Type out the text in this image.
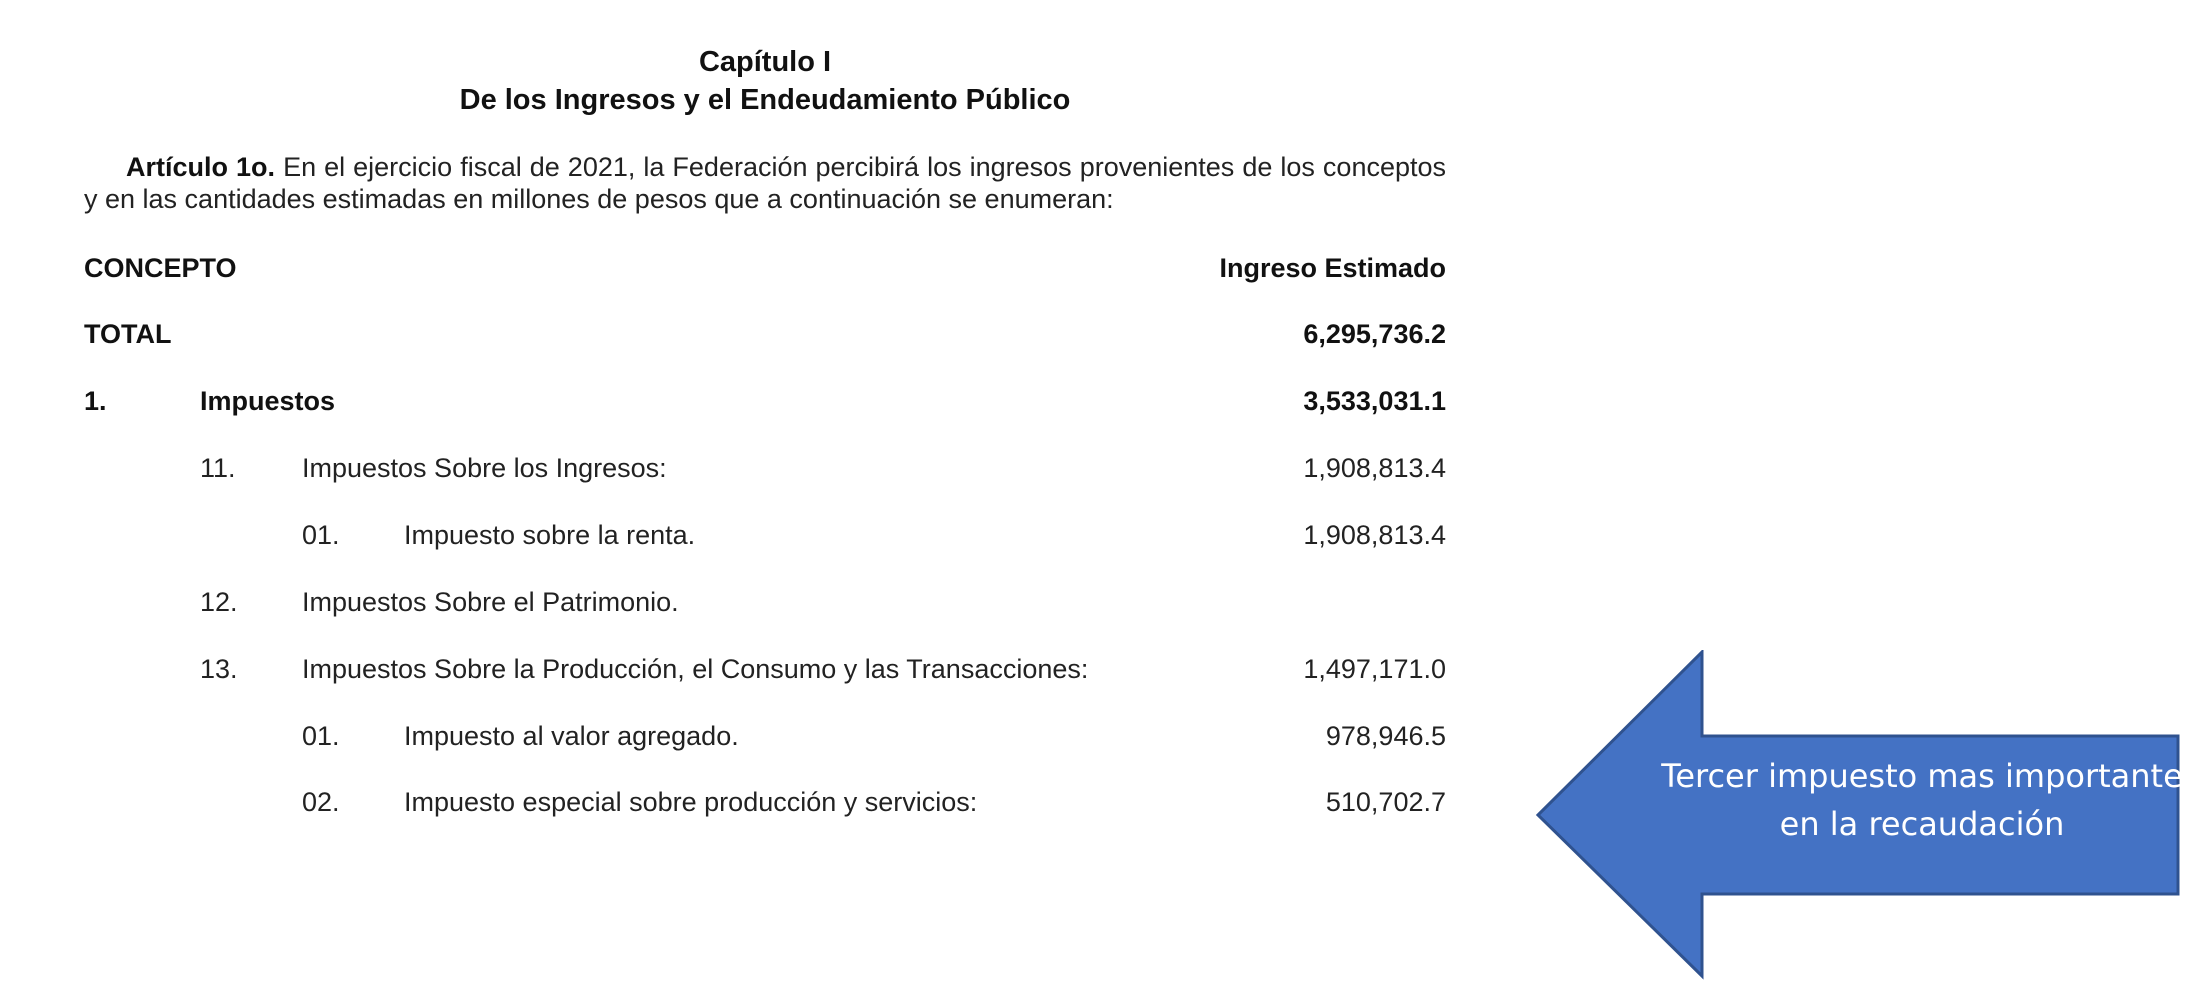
Capítulo I
De los Ingresos y el Endeudamiento Público
Artículo 1o. En el ejercicio fiscal de 2021, la Federación percibirá los ingresos provenientes de los conceptos y en las cantidades estimadas en millones de pesos que a continuación se enumeran:
CONCEPTO	Ingreso Estimado
TOTAL	6,295,736.2
1.	Impuestos	3,533,031.1
11. Impuestos Sobre los Ingresos:	1,908,813.4
01. Impuesto sobre la renta.	1,908,813.4
12. Impuestos Sobre el Patrimonio.
13. Impuestos Sobre la Producción, el Consumo y las Transacciones:	1,497,171.0
01. Impuesto al valor agregado.	978,946.5
02. Impuesto especial sobre producción y servicios:	510,702.7
Tercer impuesto mas importante
en la recaudación
